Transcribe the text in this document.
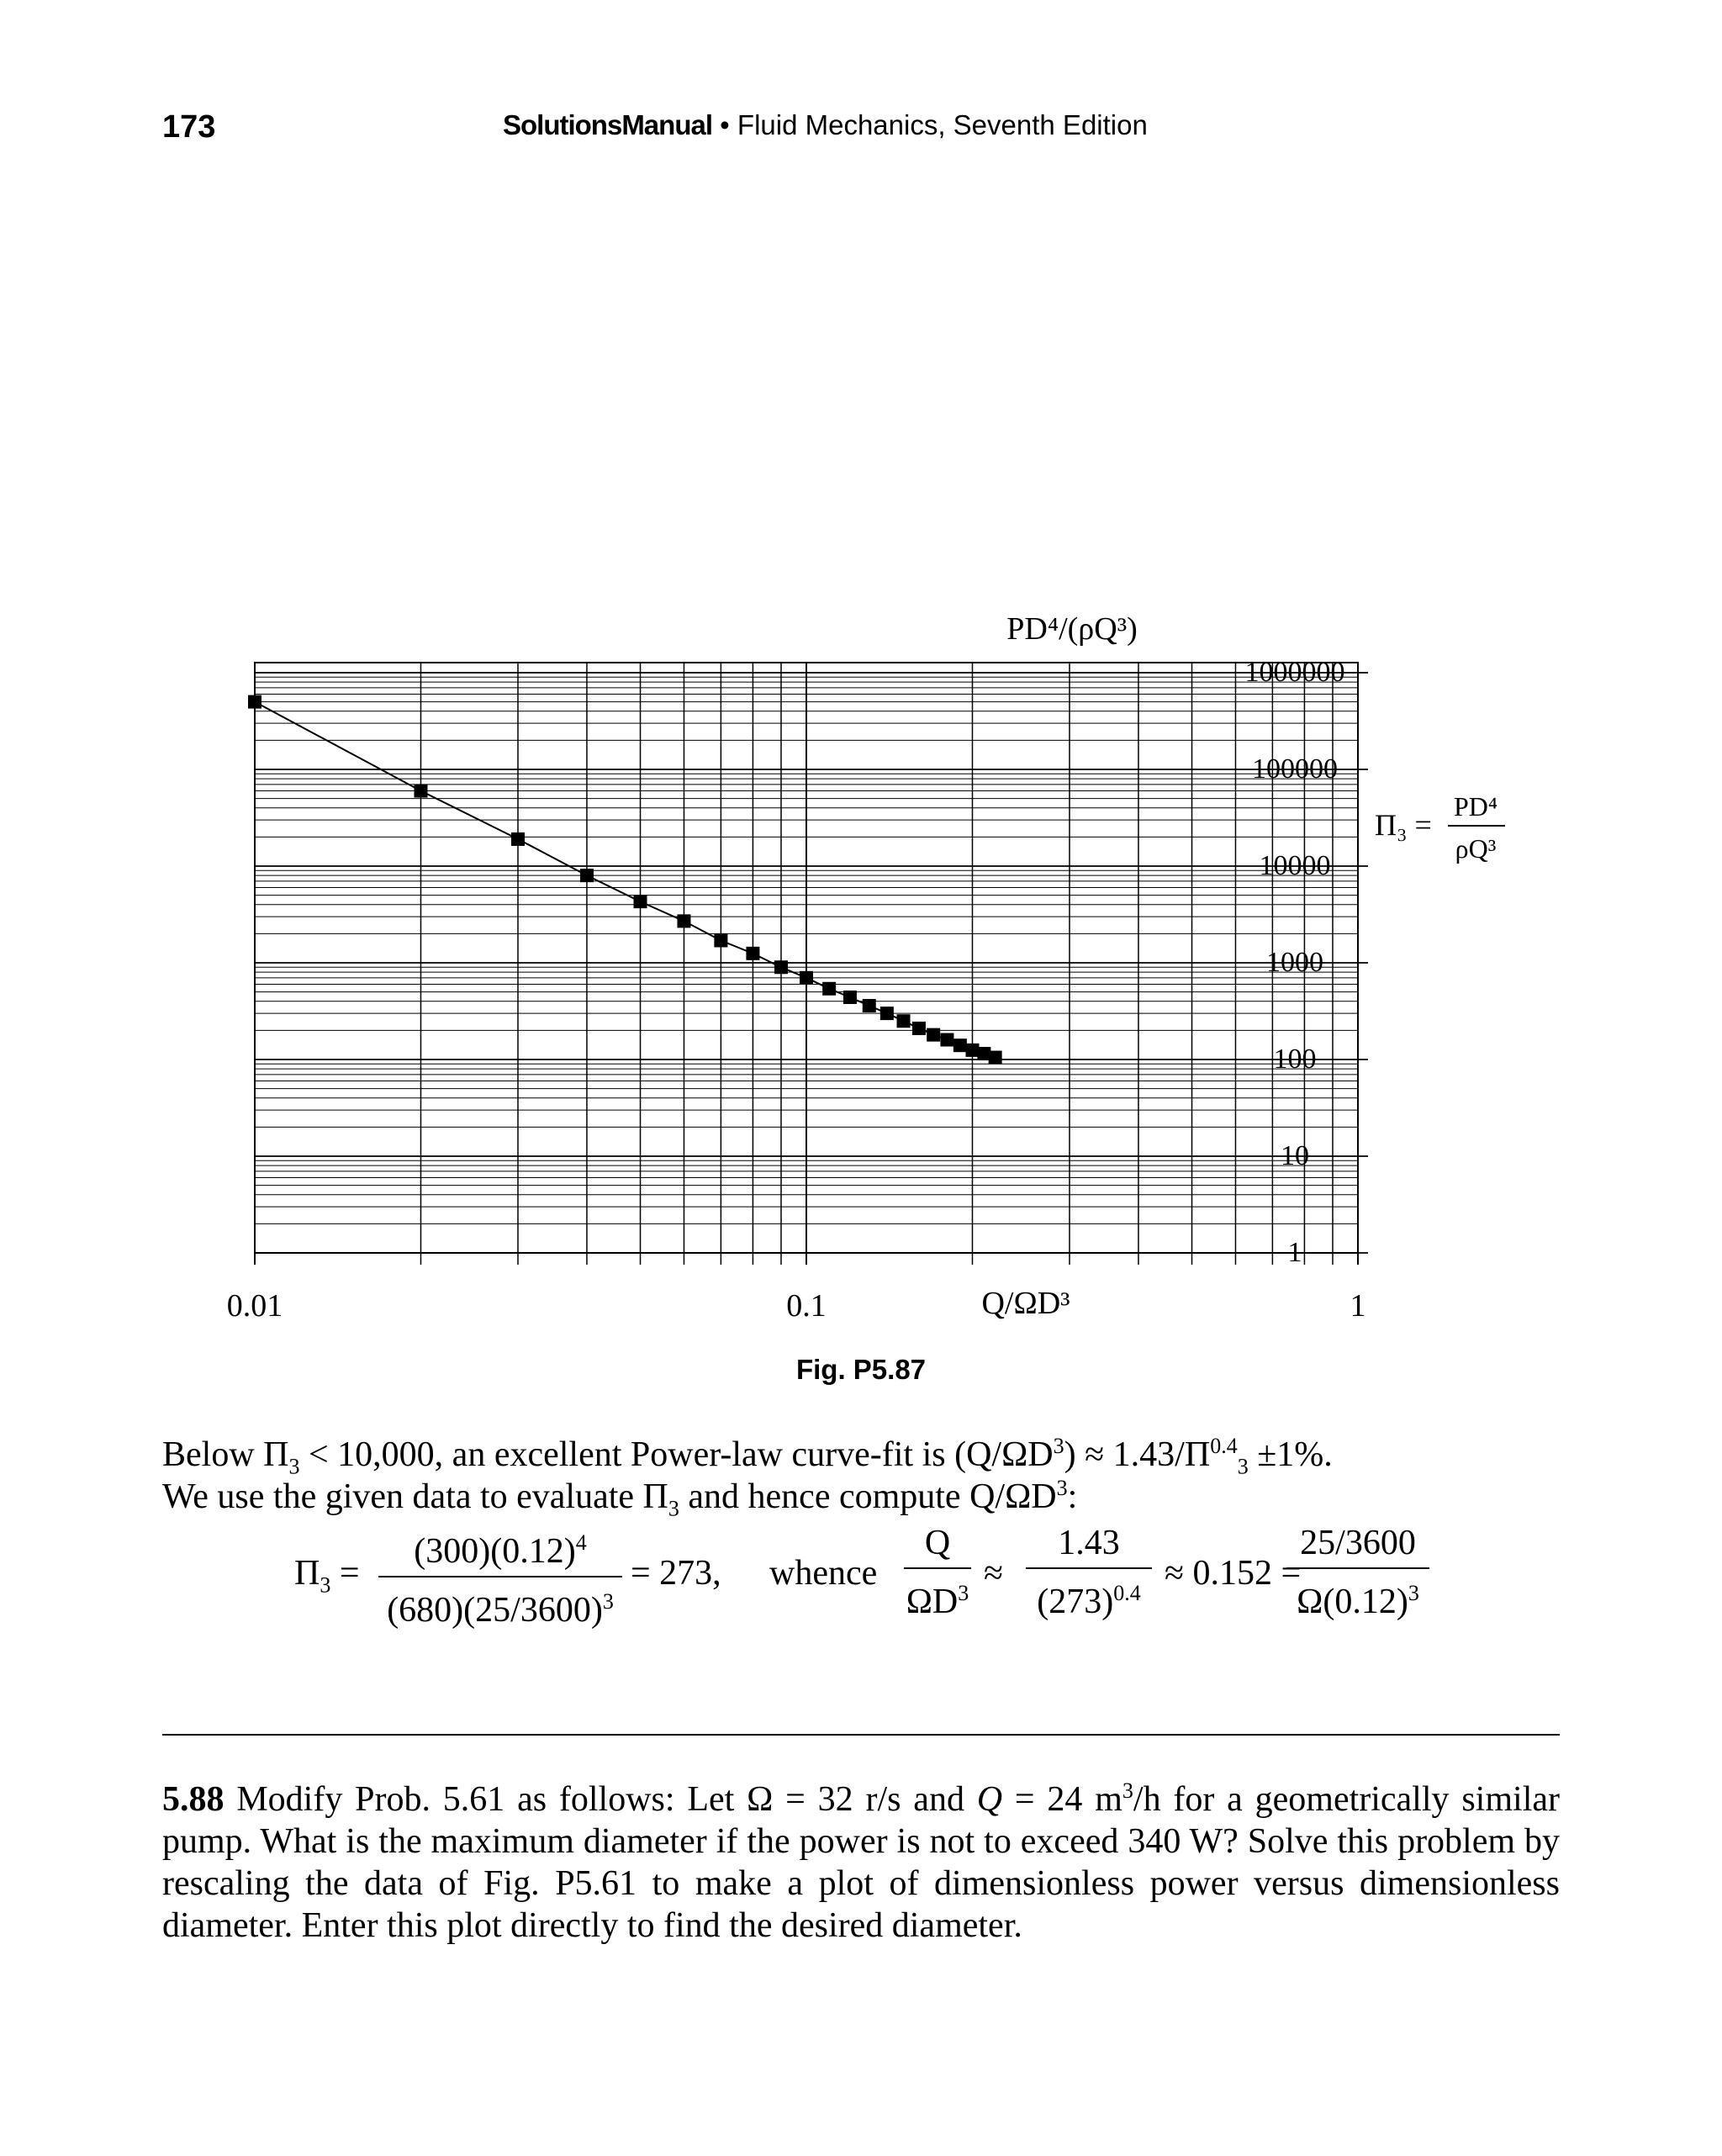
173	SolutionsManual • Fluid Mechanics, Seventh Edition
1
10
100
1000
10000
100000
1000000
0.01	0.1	1
PD⁴/(ρQ³)
Q/ΩD³
Π₃ =
PD⁴
ρQ³
Fig. P5.87
Below $\Pi_3 < 10,000$, an excellent Power-law curve-fit is $(Q/\Omega D^3) \approx 1.43/\Pi^{0.4}_3 \pm 1\%$.
We use the given data to evaluate $\Pi_3$ and hence compute $Q/\Omega D^3$:
$\Pi_3$ =
$(300)(0.12)^4$
$(680)(25/3600)^3$
= 273, whence
Q
$\Omega D^3$
≈
1.43
$(273)^{0.4}$
≈ 0.152 =
25/3600
$\Omega(0.12)^3$
5.88 Modify Prob. 5.61 as follows: Let Ω = 32 r/s and Q = 24 $m^3/h$ for a geometrically similar pump. What is the maximum diameter if the power is not to exceed 340 W? Solve this problem by rescaling the data of Fig. P5.61 to make a plot of dimensionless power versus dimensionless diameter. Enter this plot directly to find the desired diameter.
